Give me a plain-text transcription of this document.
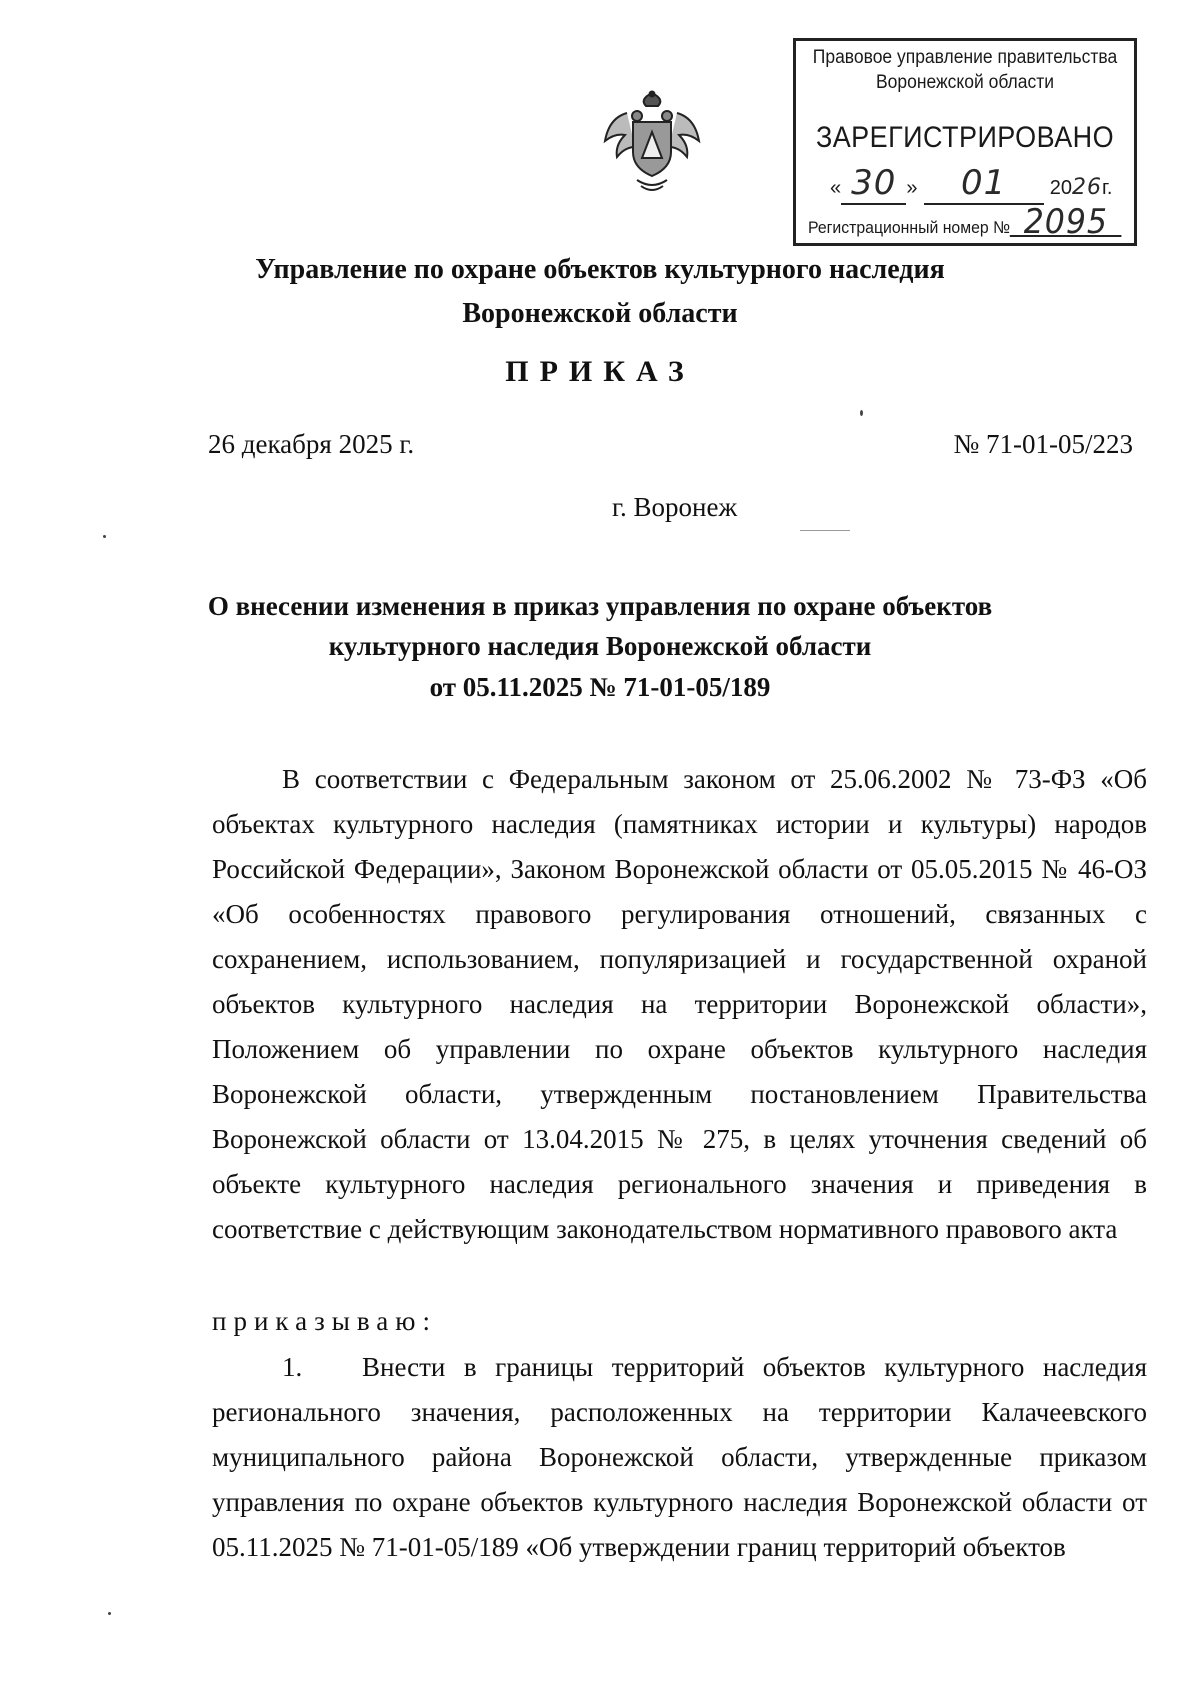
Правовое управление правительства
Воронежской области
ЗАРЕГИСТРИРОВАНО
« 30 » 01 2026г.
Регистрационный номер № 2095
Управление по охране объектов культурного наследия
Воронежской области
ПРИКАЗ
26 декабря 2025 г.	№ 71-01-05/223
г. Воронеж
О внесении изменения в приказ управления по охране объектов
культурного наследия Воронежской области
от 05.11.2025 № 71-01-05/189
В соответствии с Федеральным законом от 25.06.2002 № 73-ФЗ «Об объектах культурного наследия (памятниках истории и культуры) народов Российской Федерации», Законом Воронежской области от 05.05.2015 № 46-ОЗ «Об особенностях правового регулирования отношений, связанных с сохранением, использованием, популяризацией и государственной охраной объектов культурного наследия на территории Воронежской области», Положением об управлении по охране объектов культурного наследия Воронежской области, утвержденным постановлением Правительства Воронежской области от 13.04.2015 № 275, в целях уточнения сведений об объекте культурного наследия регионального значения и приведения в соответствие с действующим законодательством нормативного правового акта
приказываю:
1. Внести в границы территорий объектов культурного наследия регионального значения, расположенных на территории Калачеевского муниципального района Воронежской области, утвержденные приказом управления по охране объектов культурного наследия Воронежской области от 05.11.2025 № 71-01-05/189 «Об утверждении границ территорий объектов
